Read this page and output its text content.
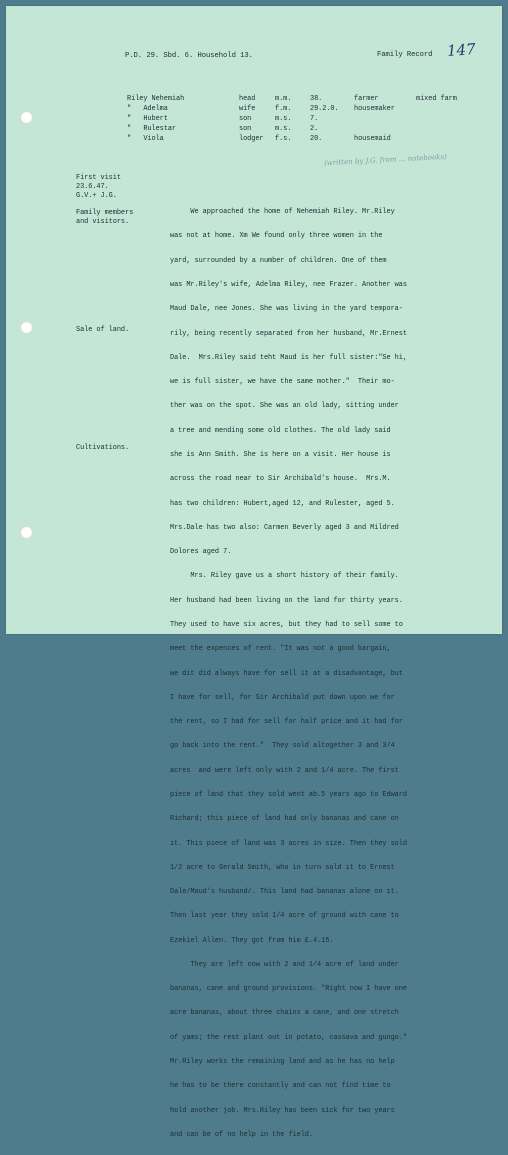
P.D. 29. Sbd. 6. Household 13.	Family Record 147
Riley Nehemiah	head	m.m.	38.	farmer	mixed farm
"   Adelma	wife	f.m.	29.2.0. housemaker
"   Hubert	son	m.s.	7.
"   Rulestar	son	m.s.	2.
"   Viola	lodger f.s.	20.	housemaid
(written by J.G. from ... notebooks)
First visit
23.6.47.
G.V.+ J.G.
Family members
and visitors.
Sale of land.
Cultivations.

We approached the home of Nehemiah Riley. Mr.Riley

was not at home. Xm We found only three women in the

yard, surrounded by a number of children. One of them

was Mr.Riley's wife, Adelma Riley, nee Frazer. Another was

Maud Dale, nee Jones. She was living in the yard tempora-

rily, being recently separated from her husband, Mr.Ernest

Dale.  Mrs.Riley said teht Maud is her full sister:"Se hi,

we is full sister, we have the same mother."  Their mo-

ther was on the spot. She was an old lady, sitting under

a tree and mending some old clothes. The old lady said

she is Ann Smith. She is here on a visit. Her house is

across the road near to Sir Archibald's house.  Mrs.M.

has two children: Hubert,aged 12, and Rulester, aged 5.

Mrs.Dale has two also: Carmen Beverly aged 3 and Mildred

Dolores aged 7.

Mrs. Riley gave us a short history of their family.

Her husband had been living on the land for thirty years.

They used to have six acres, but they had to sell some to

meet the expences of rent. "It was not a good bargain,

we dit did always have for sell it at a disadvantage, but

I have for sell, for Sir Archibald put down upon we for

the rent, so I had for sell for half price and it had for

go back into the rent."  They sold altogether 3 and 3/4

acres  and were left only with 2 and 1/4 acre. The first

piece of land that they sold went ab.5 years ago to Edward

Richard; this piece of land had only bananas and cane on

it. This piece of land was 3 acres in size. Then they sold

1/2 acre to Gerald Smith, who in turn sold it to Ernest

Dale/Maud's husband/. This land had bananas alone on it.

Then last year they sold 1/4 acre of ground with cane to

Ezekiel Allen. They got from him £.4.15.

They are left now with 2 and 1/4 acre of land under

bananas, cane and ground provisions. "Right now I have one

acre bananas, about three chains a cane, and one stretch

of yams; the rest plant out in potato, cassava and gungo."

Mr.Riley works the remaining land and as he has no help

he has to be there constantly and can not find time to

hold another job. Mrs.Riley has been sick for two years

and can be of no help in the field.
